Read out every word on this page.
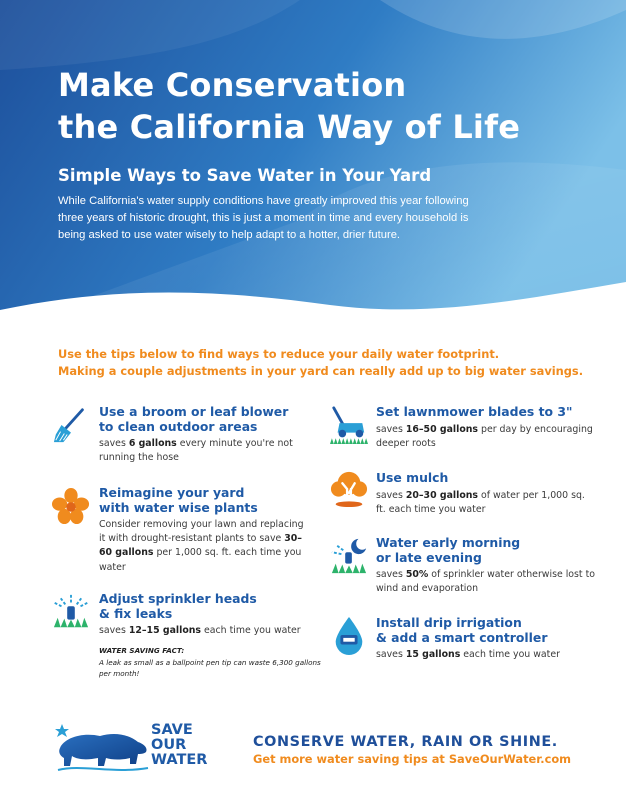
Make Conservation
the California Way of Life
Simple Ways to Save Water in Your Yard

While California's water supply conditions have greatly improved this year following three years of historic drought, this is just a moment in time and every household is being asked to use water wisely to help adapt to a hotter, drier future.

Use the tips below to find ways to reduce your daily water footprint.
Making a couple adjustments in your yard can really add up to big water savings.

Use a broom or leaf blower
to clean outdoor areas
saves 6 gallons every minute you're not running the hose
Reimagine your yard
with water wise plants
Consider removing your lawn and replacing it with drought-resistant plants to save 30–60 gallons per 1,000 sq. ft. each time you water
Adjust sprinkler heads
& fix leaks
saves 12–15 gallons each time you water
WATER SAVING FACT:
A leak as small as a ballpoint pen tip can waste 6,300 gallons per month!
Set lawnmower blades to 3"
saves 16–50 gallons per day by encouraging deeper roots
Use mulch
saves 20–30 gallons of water per 1,000 sq. ft. each time you water
Water early morning
or late evening
saves 50% of sprinkler water otherwise lost to wind and evaporation
Install drip irrigation
& add a smart controller
saves 15 gallons each time you water
SAVE
OUR
WATER

CONSERVE WATER, RAIN OR SHINE.

Get more water saving tips at SaveOurWater.com
